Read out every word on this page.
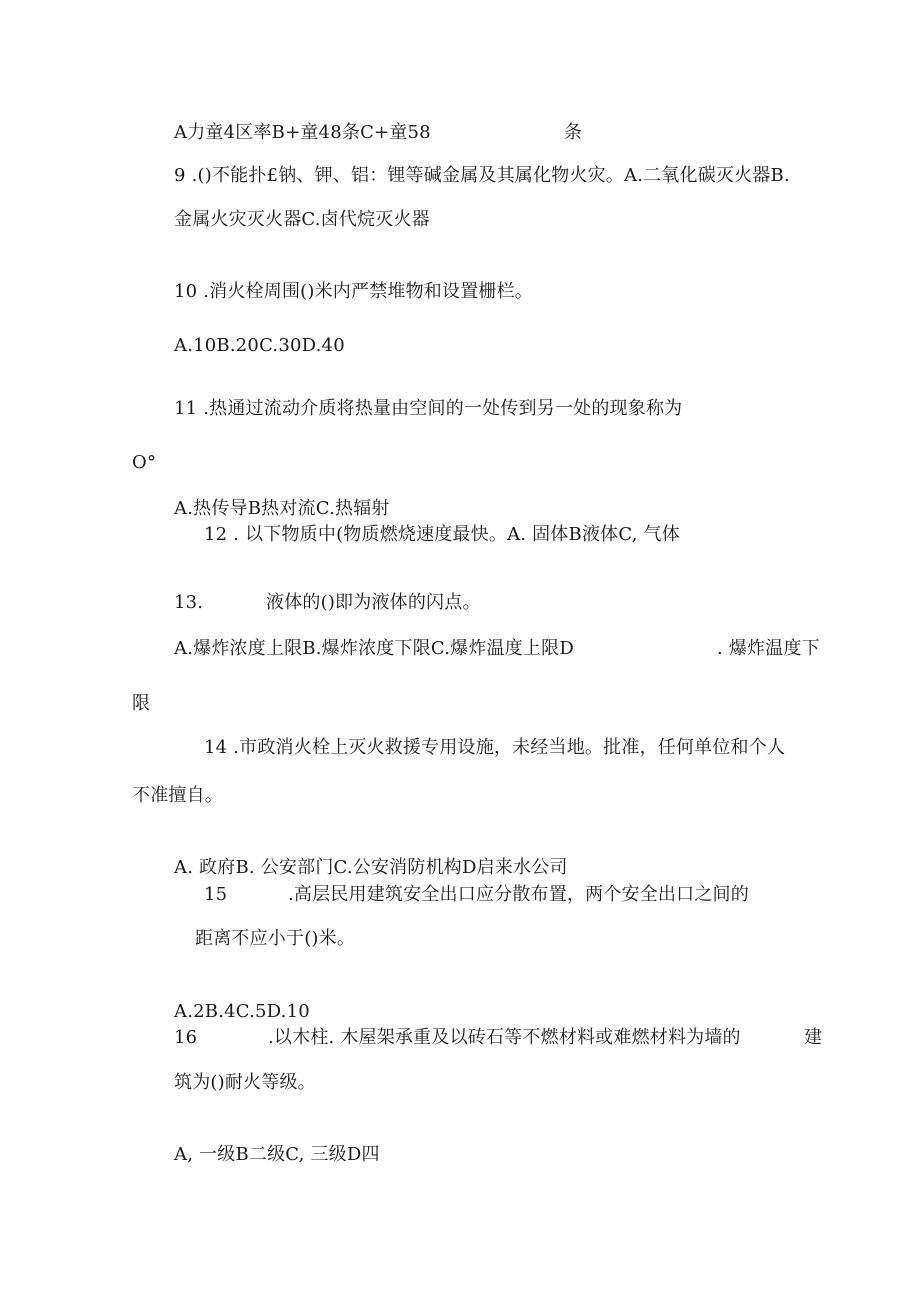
A力童4区率B+童48条C+童58	条
9 .()不能扑£钠、钾、铝：锂等碱金属及其属化物火灾。A.二氧化碳灭火器B.
金属火灾灭火器C.卤代烷灭火器
10 .消火栓周围()米内严禁堆物和设置栅栏。
A.10B.20C.30D.40
11 .热通过流动介质将热量由空间的一处传到另一处的现象称为
O°
A.热传导B热对流C.热辐射
12 . 以下物质中(物质燃烧速度最快。A. 固体B液体C, 气体
13.	液体的()即为液体的闪点。
A.爆炸浓度上限B.爆炸浓度下限C.爆炸温度上限D	. 爆炸温度下
限
14 .市政消火栓上灭火救援专用设施，未经当地。批准，任何单位和个人
不准擅自。
A. 政府B. 公安部门C.公安消防机构D启来水公司
15	.高层民用建筑安全出口应分散布置，两个安全出口之间的
距离不应小于()米。
A.2B.4C.5D.10
16	.以木柱. 木屋架承重及以砖石等不燃材料或难燃材料为墙的	建
筑为()耐火等级。
A, 一级B二级C, 三级D四
